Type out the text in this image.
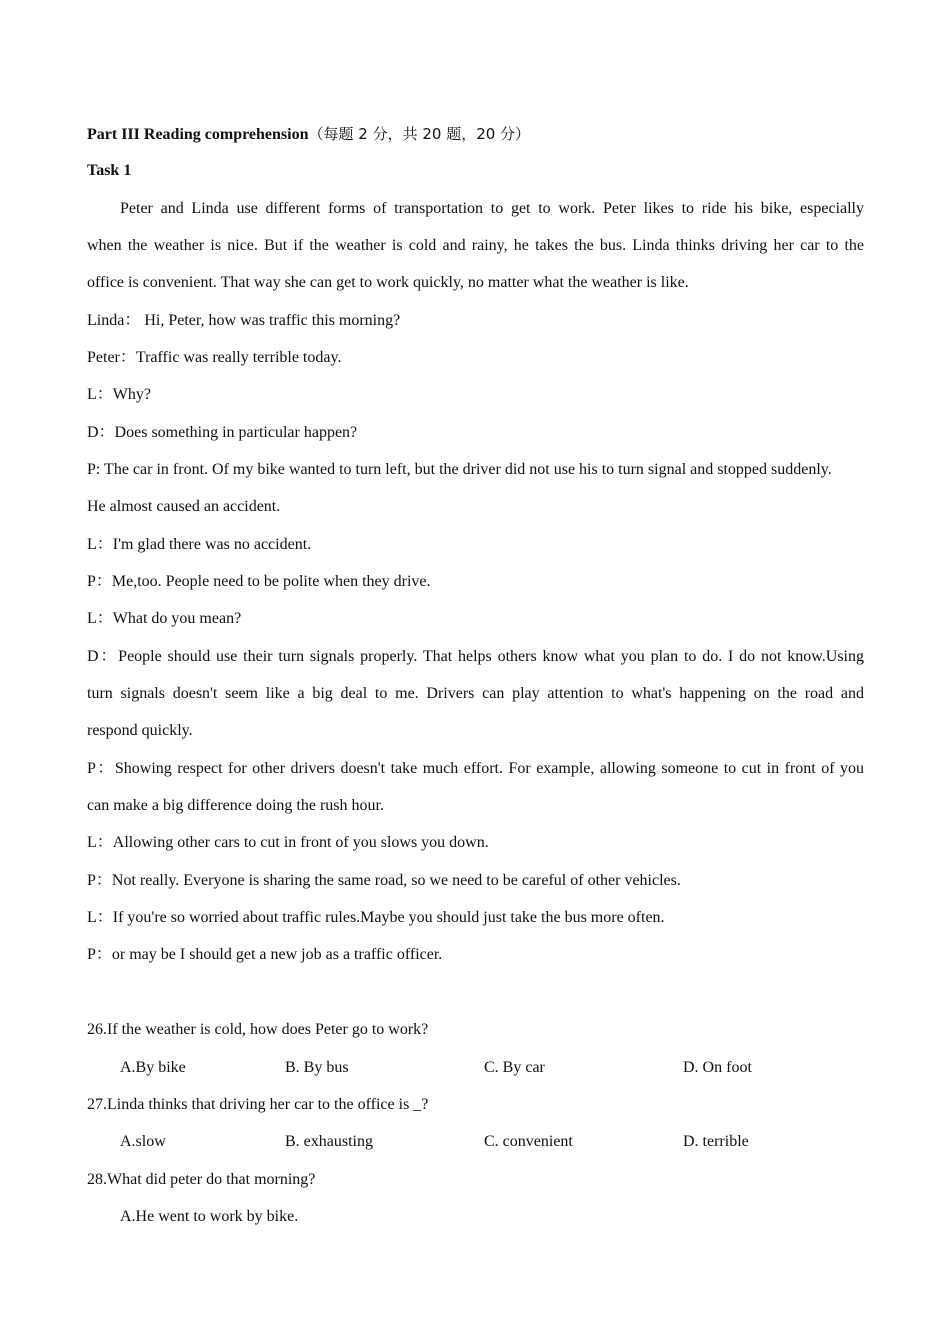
Part III Reading comprehension（每题 2 分，共 20 题，20 分）
Task 1
Peter and Linda use different forms of transportation to get to work. Peter likes to ride his bike, especially
when the weather is nice. But if the weather is cold and rainy, he takes the bus. Linda thinks driving her car to the
office is convenient. That way she can get to work quickly, no matter what the weather is like.
Linda： Hi, Peter, how was traffic this morning?
Peter：Traffic was really terrible today.
L：Why?
D：Does something in particular happen?
P: The car in front. Of my bike wanted to turn left, but the driver did not use his to turn signal and stopped suddenly.
He almost caused an accident.
L：I'm glad there was no accident.
P：Me,too. People need to be polite when they drive.
L：What do you mean?
D：People should use their turn signals properly. That helps others know what you plan to do. I do not know.Using
turn signals doesn't seem like a big deal to me. Drivers can play attention to what's happening on the road and
respond quickly.
P：Showing respect for other drivers doesn't take much effort. For example, allowing someone to cut in front of you
can make a big difference doing the rush hour.
L：Allowing other cars to cut in front of you slows you down.
P：Not really. Everyone is sharing the same road, so we need to be careful of other vehicles.
L：If you're so worried about traffic rules.Maybe you should just take the bus more often.
P：or may be I should get a new job as a traffic officer.
26.If the weather is cold, how does Peter go to work?
A.By bike	B. By bus	C. By car	D. On foot
27.Linda thinks that driving her car to the office is _?
A.slow	B. exhausting	C. convenient	D. terrible
28.What did peter do that morning?
A.He went to work by bike.
